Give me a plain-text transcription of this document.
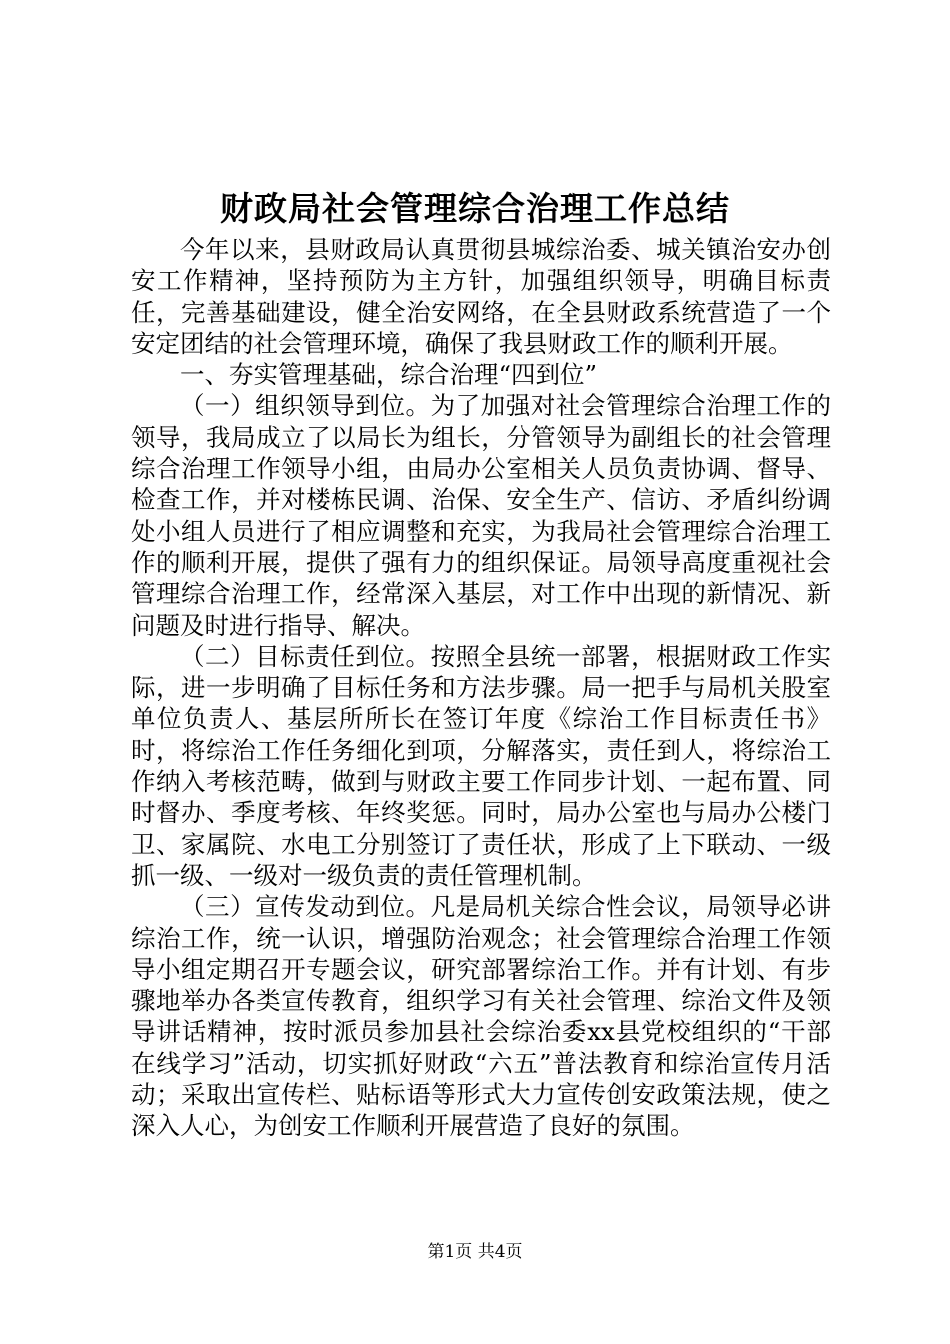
财政局社会管理综合治理工作总结

今年以来，县财政局认真贯彻县城综治委、城关镇治安办创安工作精神，坚持预防为主方针，加强组织领导，明确目标责任，完善基础建设，健全治安网络，在全县财政系统营造了一个安定团结的社会管理环境，确保了我县财政工作的顺利开展。

一、夯实管理基础，综合治理“四到位”

（一）组织领导到位。为了加强对社会管理综合治理工作的领导，我局成立了以局长为组长，分管领导为副组长的社会管理综合治理工作领导小组，由局办公室相关人员负责协调、督导、检查工作，并对楼栋民调、治保、安全生产、信访、矛盾纠纷调处小组人员进行了相应调整和充实，为我局社会管理综合治理工作的顺利开展，提供了强有力的组织保证。局领导高度重视社会管理综合治理工作，经常深入基层，对工作中出现的新情况、新问题及时进行指导、解决。

（二）目标责任到位。按照全县统一部署，根据财政工作实际，进一步明确了目标任务和方法步骤。局一把手与局机关股室单位负责人、基层所所长在签订年度《综治工作目标责任书》时，将综治工作任务细化到项，分解落实，责任到人，将综治工作纳入考核范畴，做到与财政主要工作同步计划、一起布置、同时督办、季度考核、年终奖惩。同时，局办公室也与局办公楼门卫、家属院、水电工分别签订了责任状，形成了上下联动、一级抓一级、一级对一级负责的责任管理机制。

（三）宣传发动到位。凡是局机关综合性会议，局领导必讲综治工作，统一认识，增强防治观念；社会管理综合治理工作领导小组定期召开专题会议，研究部署综治工作。并有计划、有步骤地举办各类宣传教育，组织学习有关社会管理、综治文件及领导讲话精神，按时派员参加县社会综治委xx县党校组织的“干部在线学习”活动，切实抓好财政“六五”普法教育和综治宣传月活动；采取出宣传栏、贴标语等形式大力宣传创安政策法规，使之深入人心，为创安工作顺利开展营造了良好的氛围。

第1页 共4页
